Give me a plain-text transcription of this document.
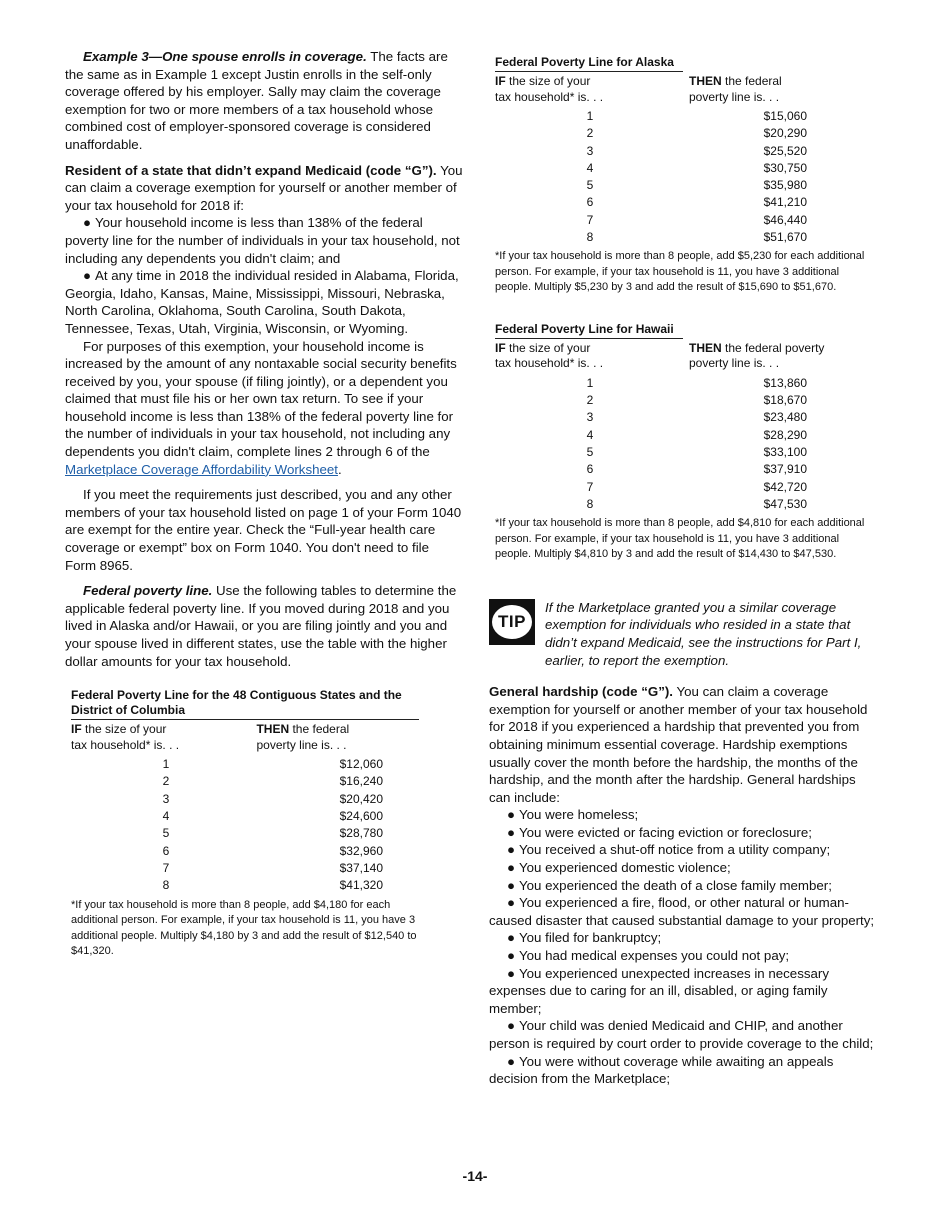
Example 3—One spouse enrolls in coverage. The facts are the same as in Example 1 except Justin enrolls in the self-only coverage offered by his employer. Sally may claim the coverage exemption for two or more members of a tax household whose combined cost of employer-sponsored coverage is considered unaffordable.

Resident of a state that didn’t expand Medicaid (code “G”). You can claim a coverage exemption for yourself or another member of your tax household for 2018 if:

● Your household income is less than 138% of the federal poverty line for the number of individuals in your tax household, not including any dependents you didn't claim; and

● At any time in 2018 the individual resided in Alabama, Florida, Georgia, Idaho, Kansas, Maine, Mississippi, Missouri, Nebraska, North Carolina, Oklahoma, South Carolina, South Dakota, Tennessee, Texas, Utah, Virginia, Wisconsin, or Wyoming.

For purposes of this exemption, your household income is increased by the amount of any nontaxable social security benefits received by you, your spouse (if filing jointly), or a dependent you claimed that must file his or her own tax return. To see if your household income is less than 138% of the federal poverty line for the number of individuals in your tax household, not including any dependents you didn't claim, complete lines 2 through 6 of the Marketplace Coverage Affordability Worksheet.

If you meet the requirements just described, you and any other members of your tax household listed on page 1 of your Form 1040 are exempt for the entire year. Check the “Full-year health care coverage or exempt” box on Form 1040. You don't need to file Form 8965.

Federal poverty line. Use the following tables to determine the applicable federal poverty line. If you moved during 2018 and you lived in Alaska and/or Hawaii, or you are filing jointly and you and your spouse lived in different states, use the table with the higher dollar amounts for your tax household.

Federal Poverty Line for the 48 Contiguous States and the District of Columbia
IF the size of your
tax household* is. . .
THEN the federal
poverty line is. . .
1	$12,060
2	$16,240
3	$20,420
4	$24,600
5	$28,780
6	$32,960
7	$37,140
8	$41,320

*If your tax household is more than 8 people, add $4,180 for each additional person. For example, if your tax household is 11, you have 3 additional people. Multiply $4,180 by 3 and add the result of $12,540 to $41,320.

Federal Poverty Line for Alaska
IF the size of your
tax household* is. . .
THEN the federal
poverty line is. . .
1	$15,060
2	$20,290
3	$25,520
4	$30,750
5	$35,980
6	$41,210
7	$46,440
8	$51,670

*If your tax household is more than 8 people, add $5,230 for each additional person. For example, if your tax household is 11, you have 3 additional people. Multiply $5,230 by 3 and add the result of $15,690 to $51,670.

Federal Poverty Line for Hawaii
IF the size of your
tax household* is. . .
THEN the federal poverty
poverty line is. . .
1	$13,860
2	$18,670
3	$23,480
4	$28,290
5	$33,100
6	$37,910
7	$42,720
8	$47,530

*If your tax household is more than 8 people, add $4,810 for each additional person. For example, if your tax household is 11, you have 3 additional people. Multiply $4,810 by 3 and add the result of $14,430 to $47,530.

TIP

If the Marketplace granted you a similar coverage exemption for individuals who resided in a state that didn’t expand Medicaid, see the instructions for Part I, earlier, to report the exemption.

General hardship (code “G”). You can claim a coverage exemption for yourself or another member of your tax household for 2018 if you experienced a hardship that prevented you from obtaining minimum essential coverage. Hardship exemptions usually cover the month before the hardship, the months of the hardship, and the month after the hardship. General hardships can include:

● You were homeless;

● You were evicted or facing eviction or foreclosure;

● You received a shut-off notice from a utility company;

● You experienced domestic violence;

● You experienced the death of a close family member;

● You experienced a fire, flood, or other natural or human-caused disaster that caused substantial damage to your property;

● You filed for bankruptcy;

● You had medical expenses you could not pay;

● You experienced unexpected increases in necessary expenses due to caring for an ill, disabled, or aging family member;

● Your child was denied Medicaid and CHIP, and another person is required by court order to provide coverage to the child;

● You were without coverage while awaiting an appeals decision from the Marketplace;

-14-
